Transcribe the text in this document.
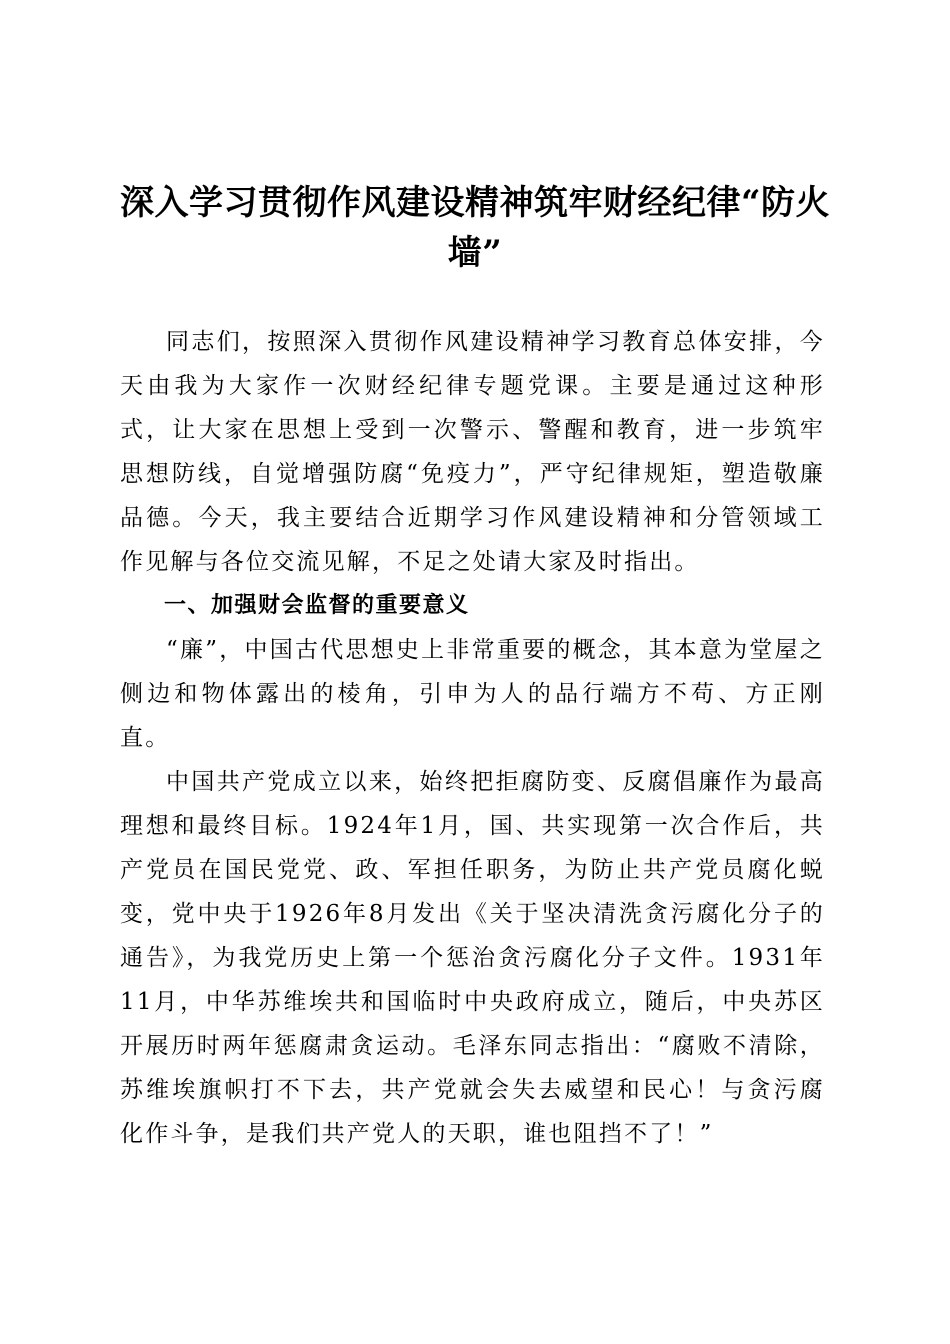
深入学习贯彻作风建设精神筑牢财经纪律“防火墙”

同志们，按照深入贯彻作风建设精神学习教育总体安排，今天由我为大家作一次财经纪律专题党课。主要是通过这种形式，让大家在思想上受到一次警示、警醒和教育，进一步筑牢思想防线，自觉增强防腐“免疫力”，严守纪律规矩，塑造敬廉品德。今天，我主要结合近期学习作风建设精神和分管领域工作见解与各位交流见解，不足之处请大家及时指出。

一、加强财会监督的重要意义

“廉”，中国古代思想史上非常重要的概念，其本意为堂屋之侧边和物体露出的棱角，引申为人的品行端方不苟、方正刚直。

中国共产党成立以来，始终把拒腐防变、反腐倡廉作为最高理想和最终目标。1924年1月，国、共实现第一次合作后，共产党员在国民党党、政、军担任职务，为防止共产党员腐化蜕变，党中央于1926年8月发出《关于坚决清洗贪污腐化分子的通告》，为我党历史上第一个惩治贪污腐化分子文件。1931年11月，中华苏维埃共和国临时中央政府成立，随后，中央苏区开展历时两年惩腐肃贪运动。毛泽东同志指出：“腐败不清除，苏维埃旗帜打不下去，共产党就会失去威望和民心！与贪污腐化作斗争，是我们共产党人的天职，谁也阻挡不了！”
